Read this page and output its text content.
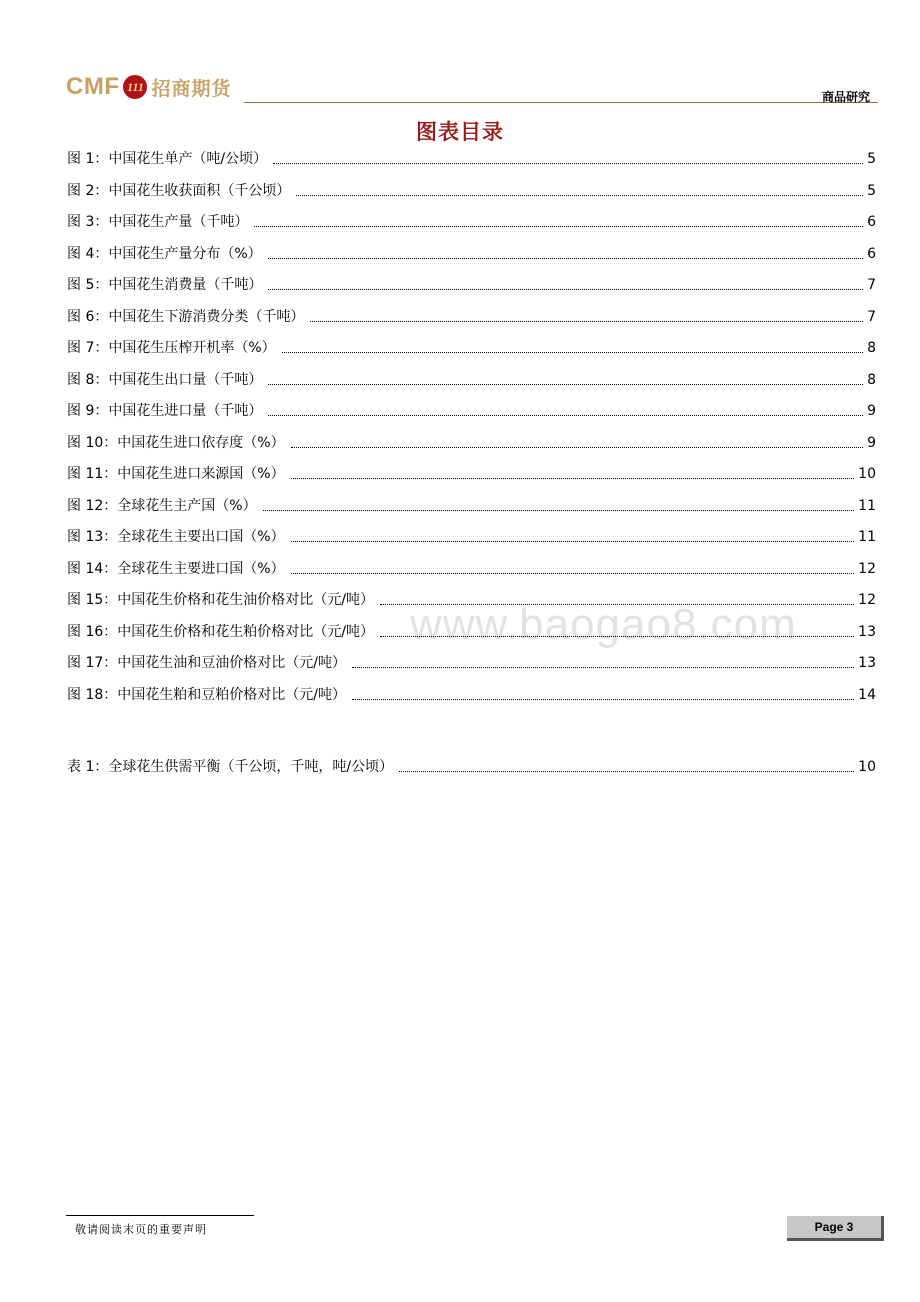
CMF 111 招商期货	商品研究
图表目录
www.baogao8.com
图 1：中国花生单产（吨/公顷）	5
图 2：中国花生收获面积（千公顷）	5
图 3：中国花生产量（千吨）	6
图 4：中国花生产量分布（%）	6
图 5：中国花生消费量（千吨）	7
图 6：中国花生下游消费分类（千吨）	7
图 7：中国花生压榨开机率（%）	8
图 8：中国花生出口量（千吨）	8
图 9：中国花生进口量（千吨）	9
图 10：中国花生进口依存度（%）	9
图 11：中国花生进口来源国（%）	10
图 12：全球花生主产国（%）	11
图 13：全球花生主要出口国（%）	11
图 14：全球花生主要进口国（%）	12
图 15：中国花生价格和花生油价格对比（元/吨）	12
图 16：中国花生价格和花生粕价格对比（元/吨）	13
图 17：中国花生油和豆油价格对比（元/吨）	13
图 18：中国花生粕和豆粕价格对比（元/吨）	14
表 1：全球花生供需平衡（千公顷，千吨，吨/公顷）	10
敬请阅读末页的重要声明	Page 3
